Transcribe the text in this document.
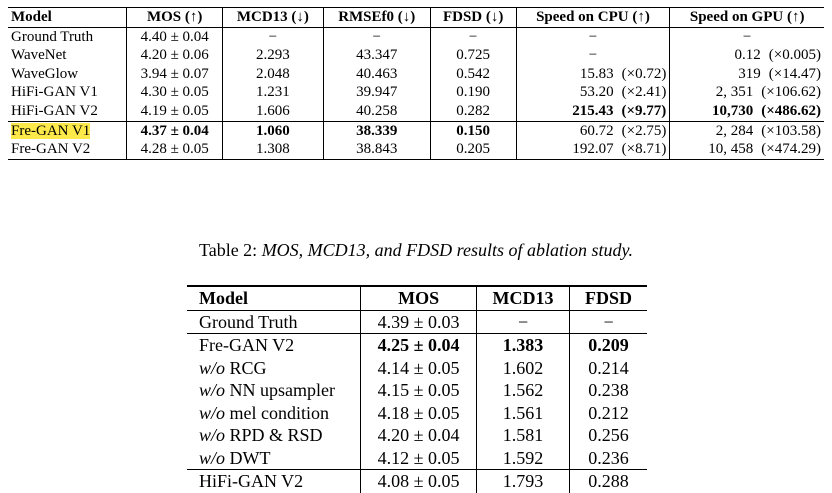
Model	MOS (↑)	MCD13 (↓)	RMSEf0 (↓)	FDSD (↓)	Speed on CPU (↑)	Speed on GPU (↑)
Ground Truth	4.40 ± 0.04	−	−	−	−	−
WaveNet	4.20 ± 0.06	2.293	43.347	0.725	−	0.12 (×0.005)
WaveGlow	3.94 ± 0.07	2.048	40.463	0.542	15.83 (×0.72)	319 (×14.47)
HiFi-GAN V1	4.30 ± 0.05	1.231	39.947	0.190	53.20 (×2.41)	2, 351 (×106.62)
HiFi-GAN V2	4.19 ± 0.05	1.606	40.258	0.282	215.43 (×9.77)	10,730 (×486.62)
Fre-GAN V1	4.37 ± 0.04	1.060	38.339	0.150	60.72 (×2.75)	2, 284 (×103.58)
Fre-GAN V2	4.28 ± 0.05	1.308	38.843	0.205	192.07 (×8.71)	10, 458 (×474.29)
Table 2: MOS, MCD13, and FDSD results of ablation study.
Model	MOS	MCD13	FDSD
Ground Truth	4.39 ± 0.03	−	−
Fre-GAN V2	4.25 ± 0.04	1.383	0.209
w/o RCG	4.14 ± 0.05	1.602	0.214
w/o NN upsampler	4.15 ± 0.05	1.562	0.238
w/o mel condition	4.18 ± 0.05	1.561	0.212
w/o RPD & RSD	4.20 ± 0.04	1.581	0.256
w/o DWT	4.12 ± 0.05	1.592	0.236
HiFi-GAN V2	4.08 ± 0.05	1.793	0.288
